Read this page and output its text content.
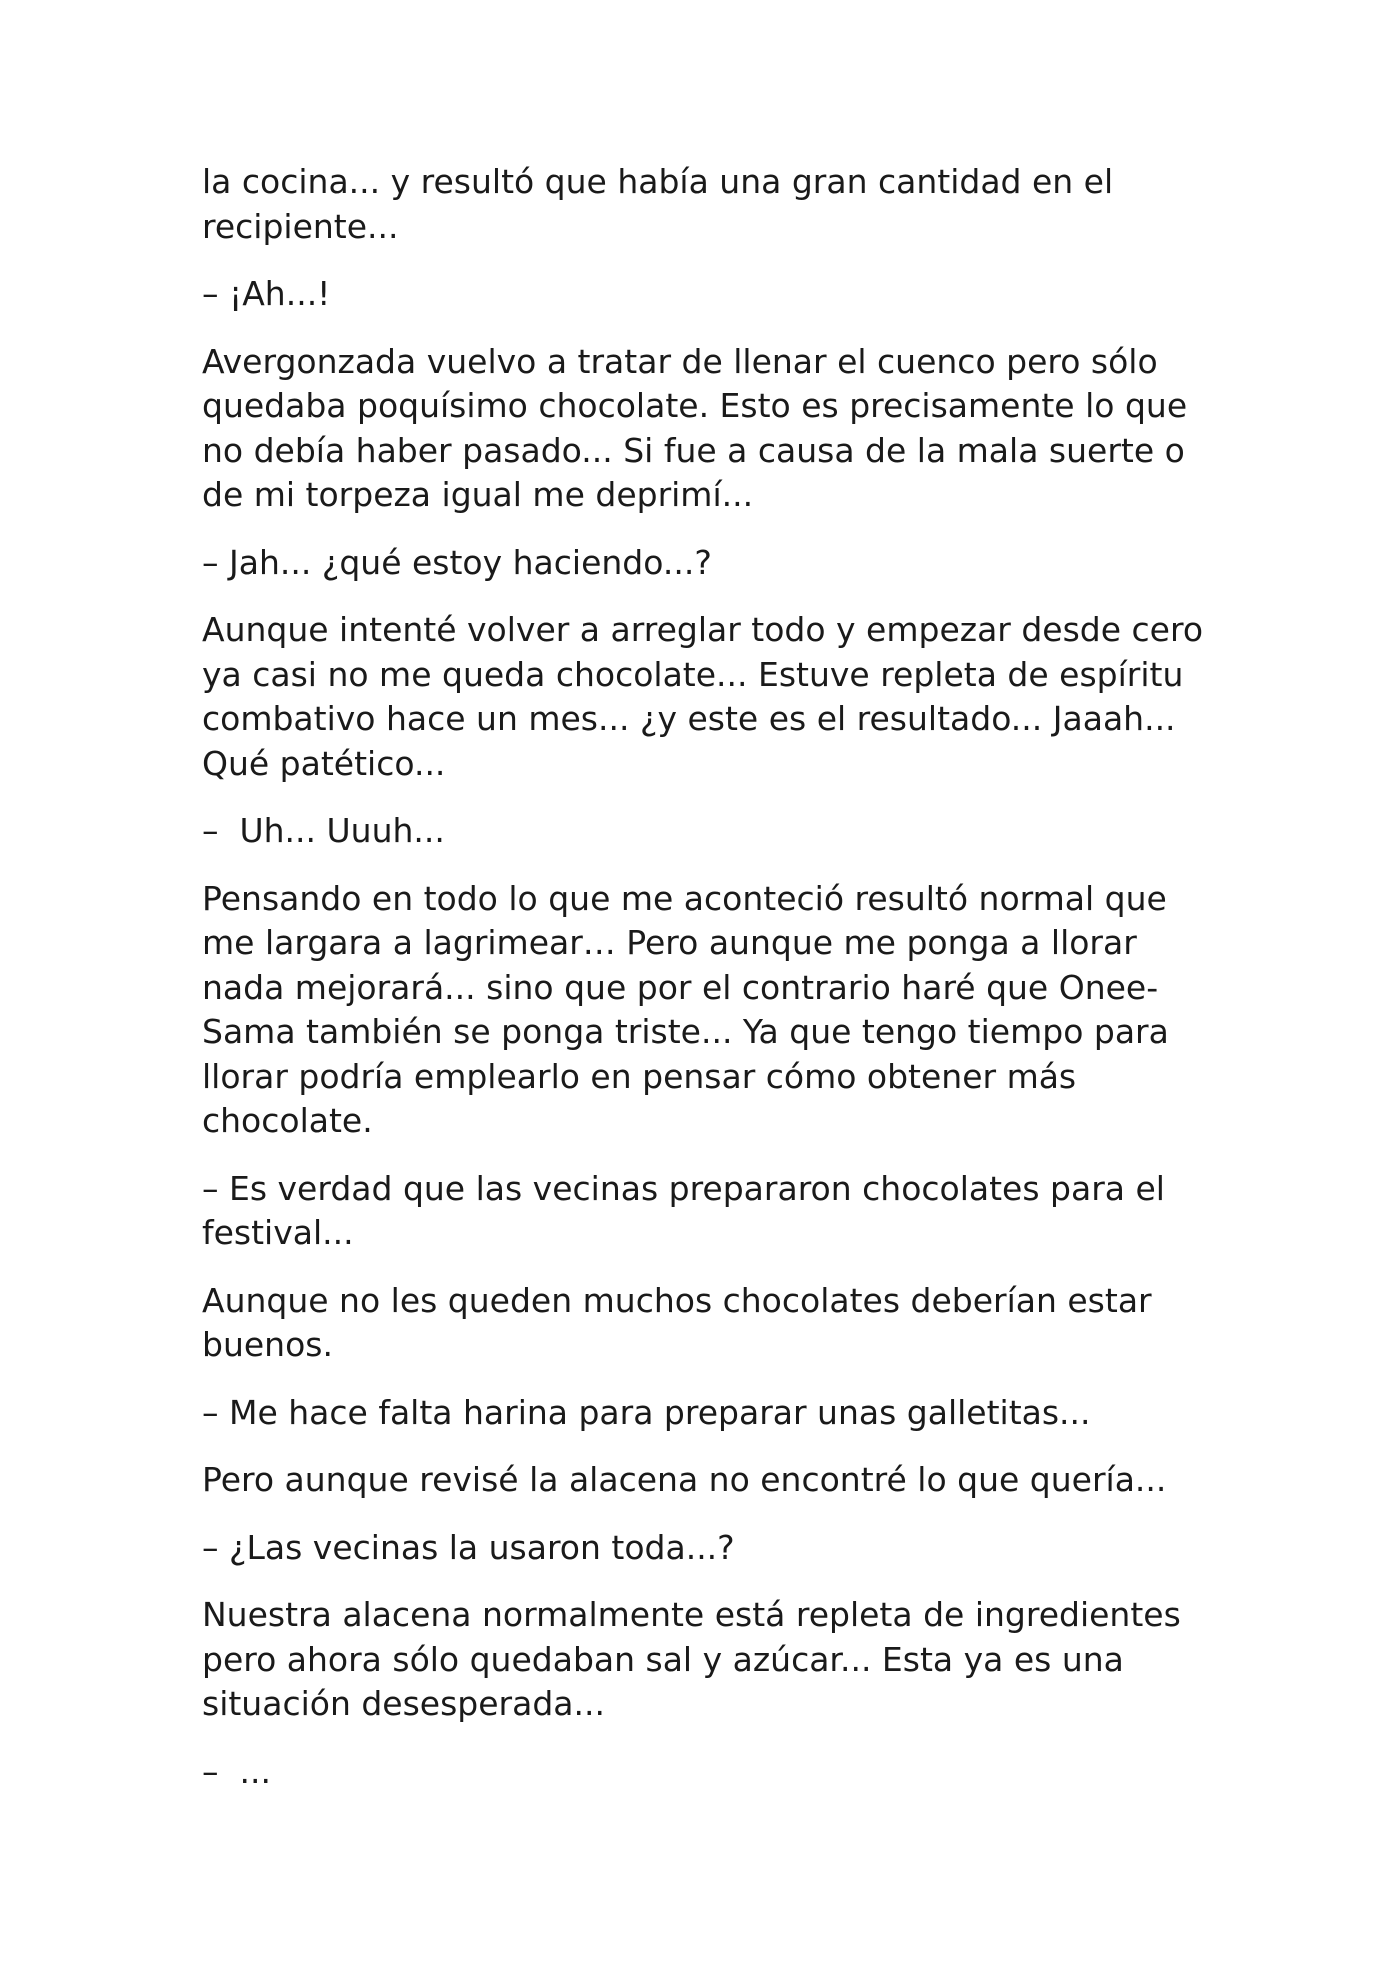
la cocina... y resultó que había una gran cantidad en el recipiente...

– ¡Ah...!

Avergonzada vuelvo a tratar de llenar el cuenco pero sólo quedaba poquísimo chocolate. Esto es precisamente lo que no debía haber pasado... Si fue a causa de la mala suerte o de mi torpeza igual me deprimí...

– Jah... ¿qué estoy haciendo...?

Aunque intenté volver a arreglar todo y empezar desde cero ya casi no me queda chocolate... Estuve repleta de espíritu combativo hace un mes... ¿y este es el resultado... Jaaah... Qué patético...

–  Uh... Uuuh...

Pensando en todo lo que me aconteció resultó normal que me largara a lagrimear… Pero aunque me ponga a llorar nada mejorará... sino que por el contrario haré que Onee-Sama también se ponga triste... Ya que tengo tiempo para llorar podría emplearlo en pensar cómo obtener más chocolate.

– Es verdad que las vecinas prepararon chocolates para el festival...

Aunque no les queden muchos chocolates deberían estar buenos.

– Me hace falta harina para preparar unas galletitas...

Pero aunque revisé la alacena no encontré lo que quería...

– ¿Las vecinas la usaron toda...?

Nuestra alacena normalmente está repleta de ingredientes pero ahora sólo quedaban sal y azúcar... Esta ya es una situación desesperada...

–  ...
